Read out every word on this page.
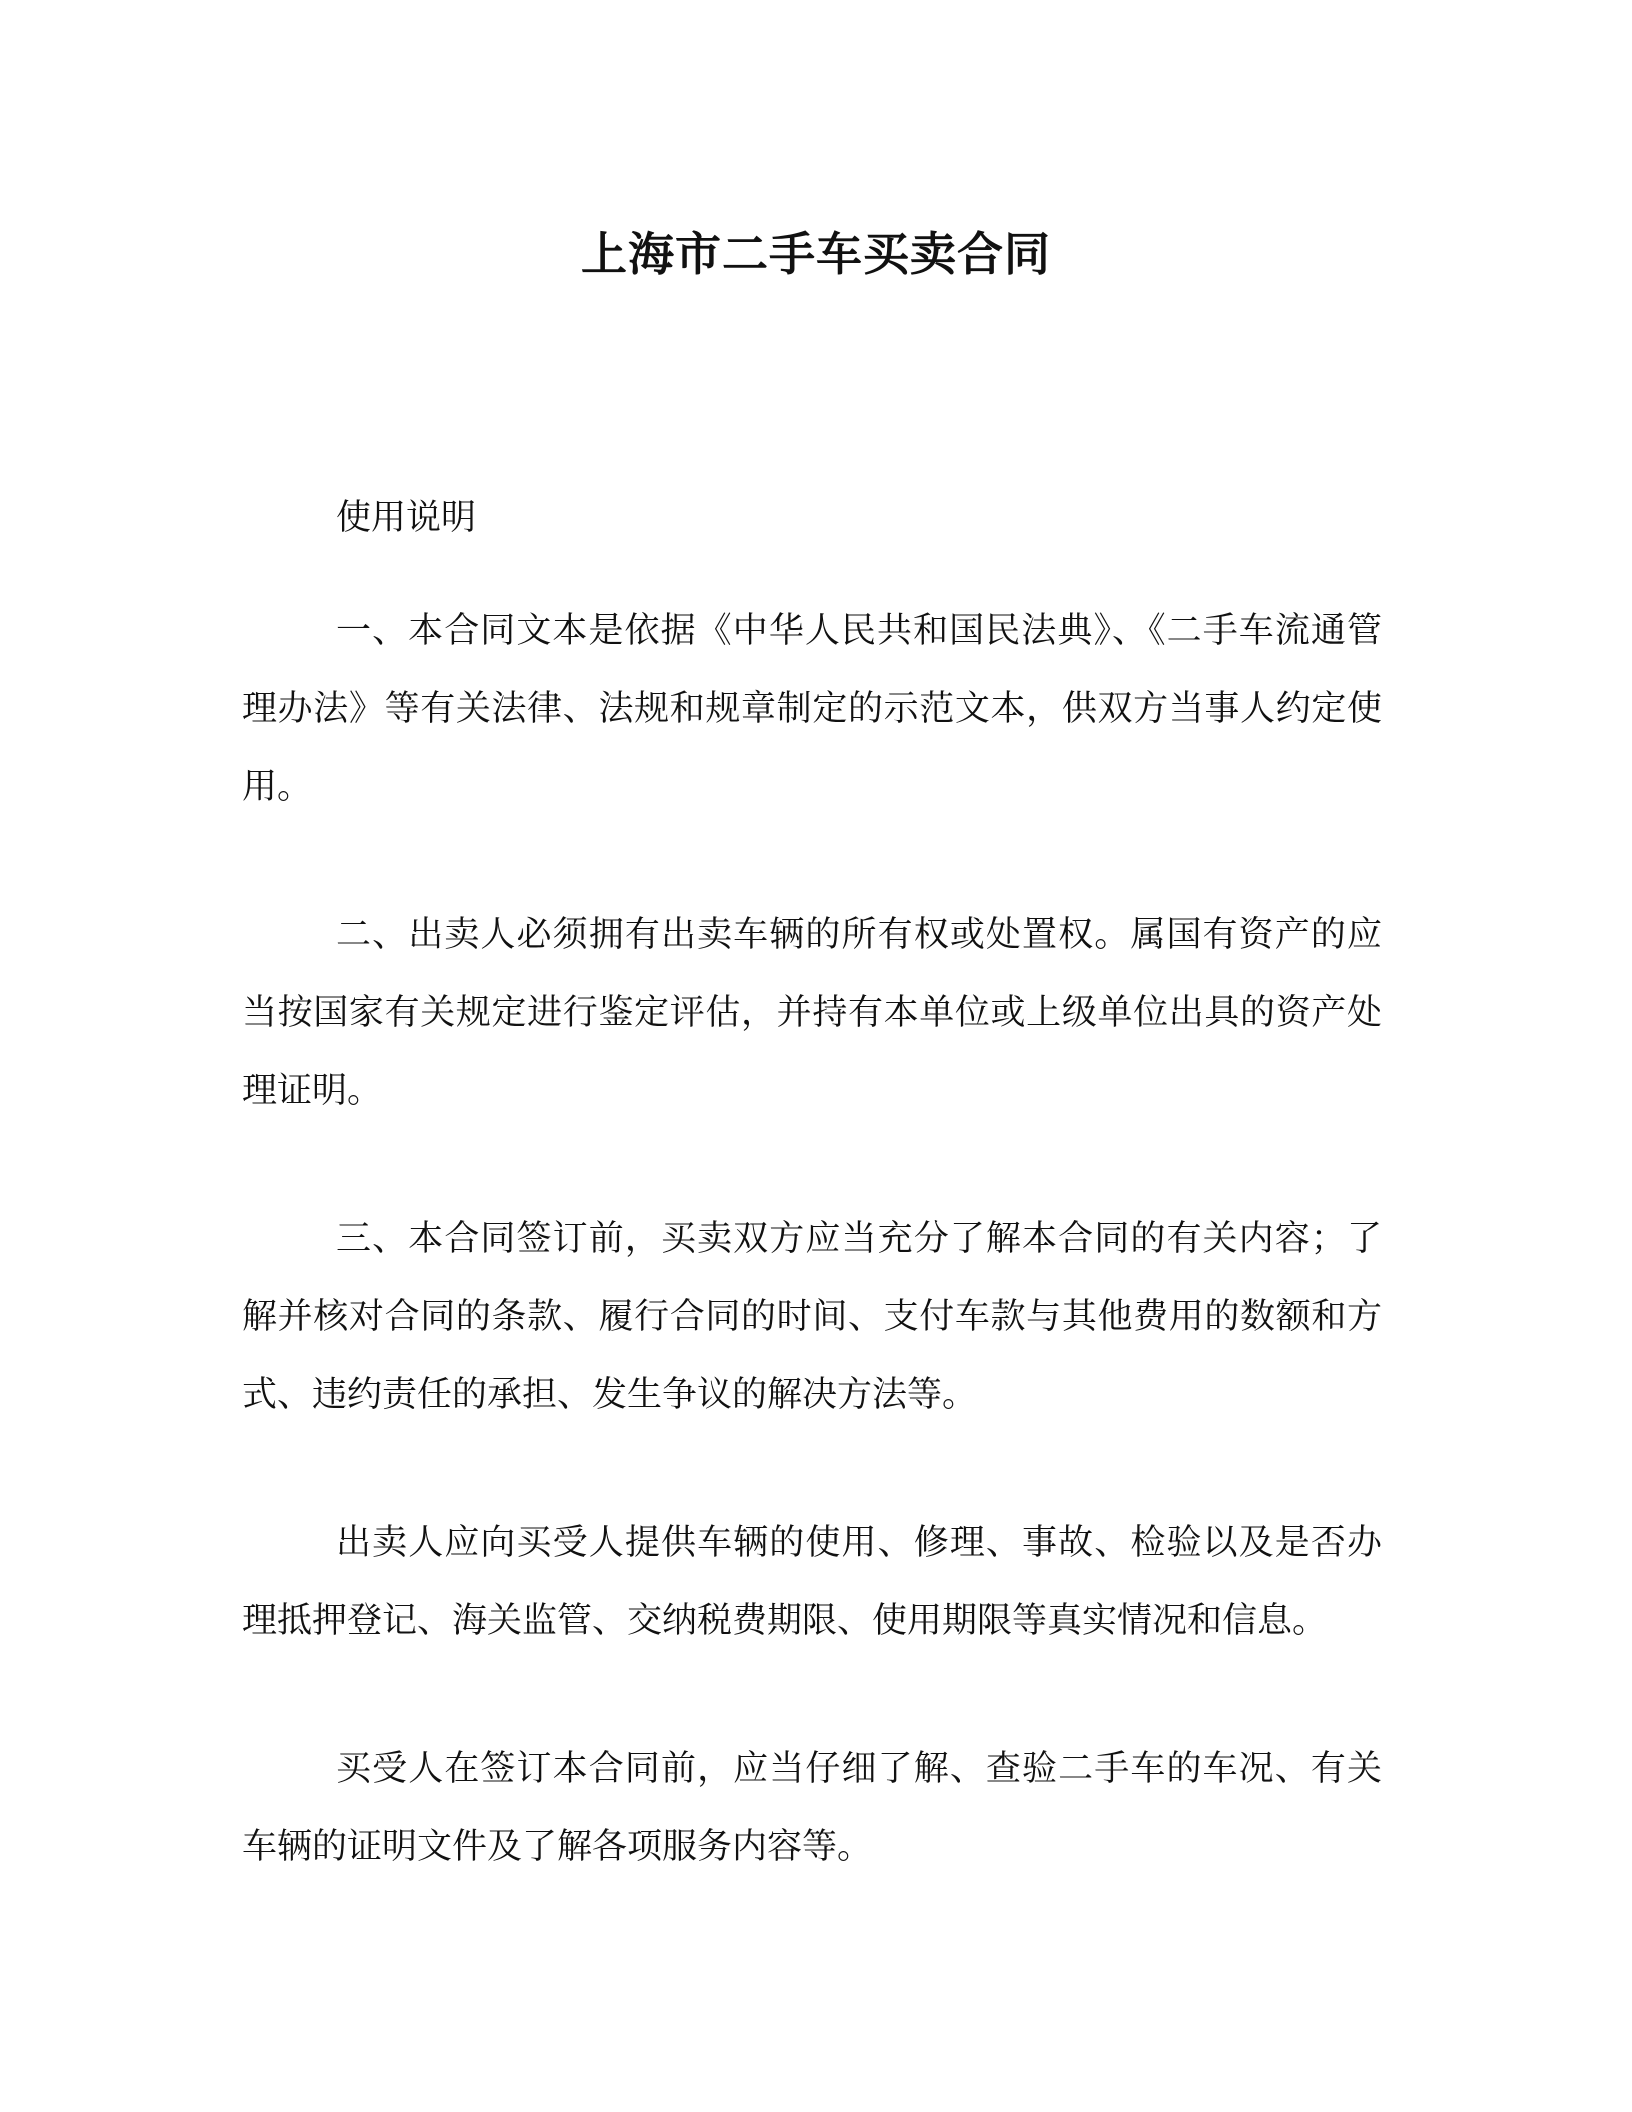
上海市二手车买卖合同

使用说明

一、本合同文本是依据《中华人民共和国民法典》、《二手车流通管理办法》等有关法律、法规和规章制定的示范文本，供双方当事人约定使用。

二、出卖人必须拥有出卖车辆的所有权或处置权。属国有资产的应当按国家有关规定进行鉴定评估，并持有本单位或上级单位出具的资产处理证明。

三、本合同签订前，买卖双方应当充分了解本合同的有关内容；了解并核对合同的条款、履行合同的时间、支付车款与其他费用的数额和方式、违约责任的承担、发生争议的解决方法等。

出卖人应向买受人提供车辆的使用、修理、事故、检验以及是否办理抵押登记、海关监管、交纳税费期限、使用期限等真实情况和信息。

买受人在签订本合同前，应当仔细了解、查验二手车的车况、有关车辆的证明文件及了解各项服务内容等。
